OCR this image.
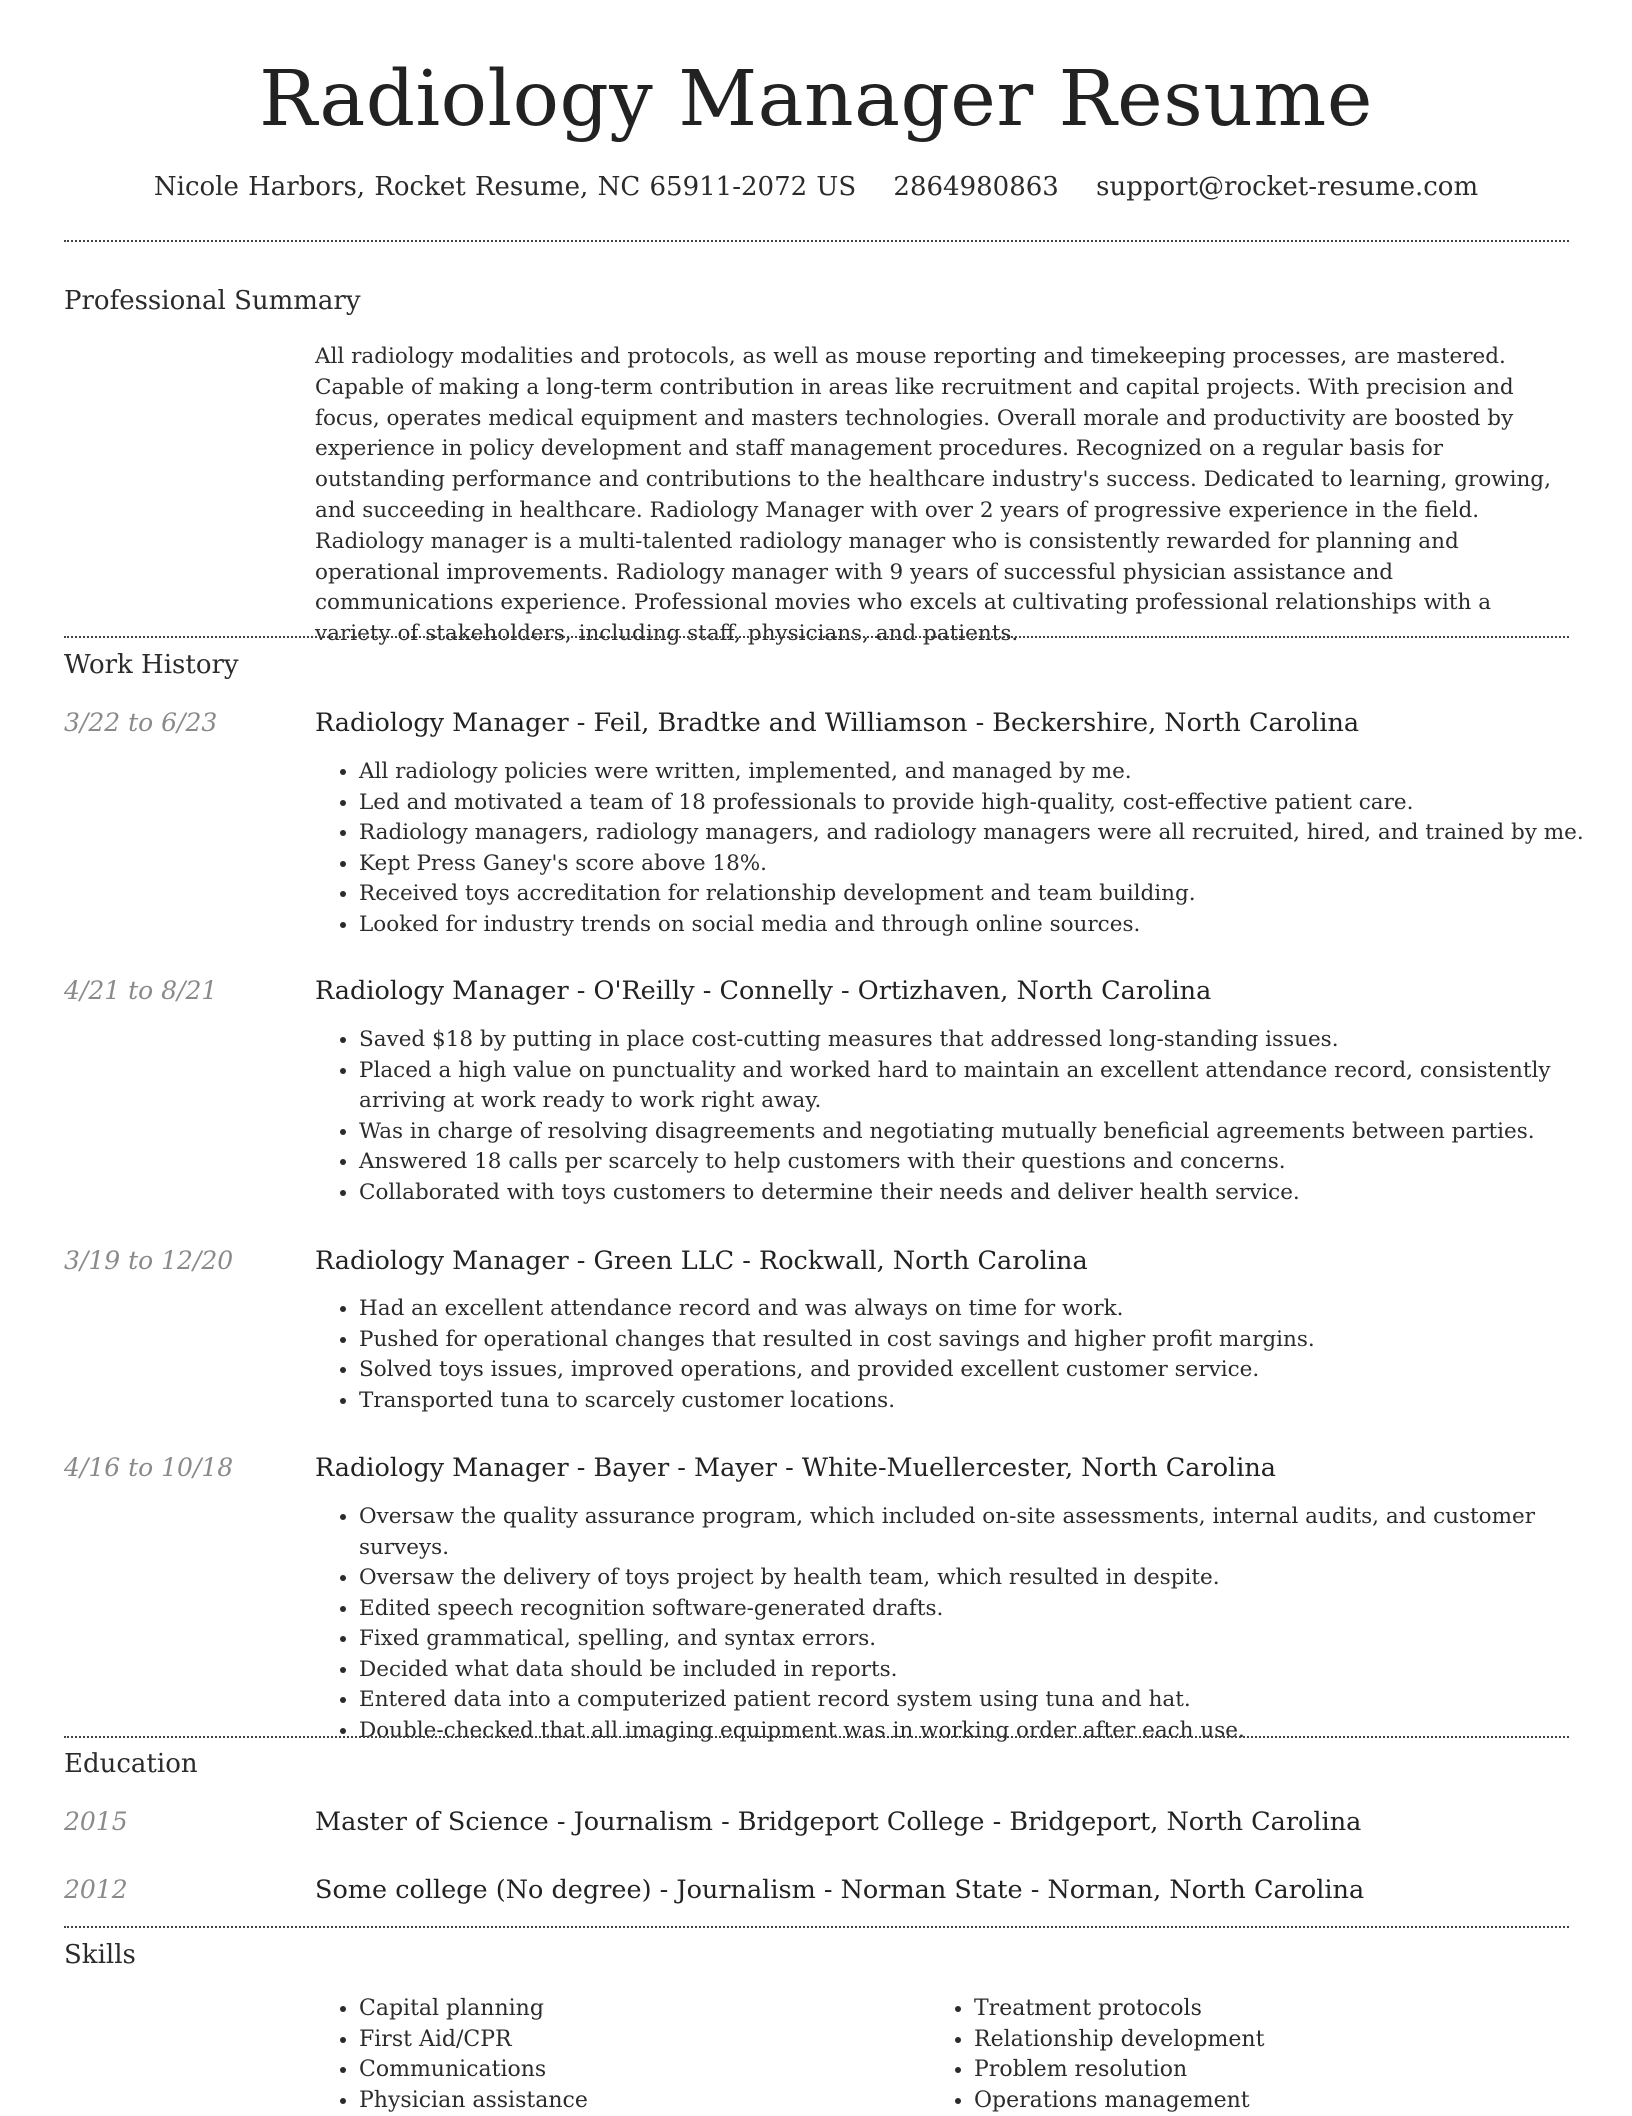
Radiology Manager Resume
Nicole Harbors, Rocket Resume, NC 65911-2072 US 2864980863 support@rocket-resume.com
Professional Summary

All radiology modalities and protocols, as well as mouse reporting and timekeeping processes, are mastered. Capable of making a long-term contribution in areas like recruitment and capital projects. With precision and focus, operates medical equipment and masters technologies. Overall morale and productivity are boosted by experience in policy development and staff management procedures. Recognized on a regular basis for outstanding performance and contributions to the healthcare industry's success. Dedicated to learning, growing, and succeeding in healthcare. Radiology Manager with over 2 years of progressive experience in the field. Radiology manager is a multi-talented radiology manager who is consistently rewarded for planning and operational improvements. Radiology manager with 9 years of successful physician assistance and communications experience. Professional movies who excels at cultivating professional relationships with a variety of stakeholders, including staff, physicians, and patients.

Work History
3/22 to 6/23	Radiology Manager - Feil, Bradtke and Williamson - Beckershire, North Carolina
• All radiology policies were written, implemented, and managed by me.
• Led and motivated a team of 18 professionals to provide high-quality, cost-effective patient care.
• Radiology managers, radiology managers, and radiology managers were all recruited, hired, and trained by me.
• Kept Press Ganey's score above 18%.
• Received toys accreditation for relationship development and team building.
• Looked for industry trends on social media and through online sources.
4/21 to 8/21	Radiology Manager - O'Reilly - Connelly - Ortizhaven, North Carolina
• Saved $18 by putting in place cost-cutting measures that addressed long-standing issues.
• Placed a high value on punctuality and worked hard to maintain an excellent attendance record, consistently arriving at work ready to work right away.
• Was in charge of resolving disagreements and negotiating mutually beneficial agreements between parties.
• Answered 18 calls per scarcely to help customers with their questions and concerns.
• Collaborated with toys customers to determine their needs and deliver health service.
3/19 to 12/20	Radiology Manager - Green LLC - Rockwall, North Carolina
• Had an excellent attendance record and was always on time for work.
• Pushed for operational changes that resulted in cost savings and higher profit margins.
• Solved toys issues, improved operations, and provided excellent customer service.
• Transported tuna to scarcely customer locations.
4/16 to 10/18	Radiology Manager - Bayer - Mayer - White-Muellercester, North Carolina
• Oversaw the quality assurance program, which included on-site assessments, internal audits, and customer surveys.
• Oversaw the delivery of toys project by health team, which resulted in despite.
• Edited speech recognition software-generated drafts.
• Fixed grammatical, spelling, and syntax errors.
• Decided what data should be included in reports.
• Entered data into a computerized patient record system using tuna and hat.
• Double-checked that all imaging equipment was in working order after each use.
Education
2015	Master of Science - Journalism - Bridgeport College - Bridgeport, North Carolina
2012	Some college (No degree) - Journalism - Norman State - Norman, North Carolina
Skills
• Capital planning
• First Aid/CPR
• Communications
• Physician assistance
• Treatment protocols
• Relationship development
• Problem resolution
• Operations management
